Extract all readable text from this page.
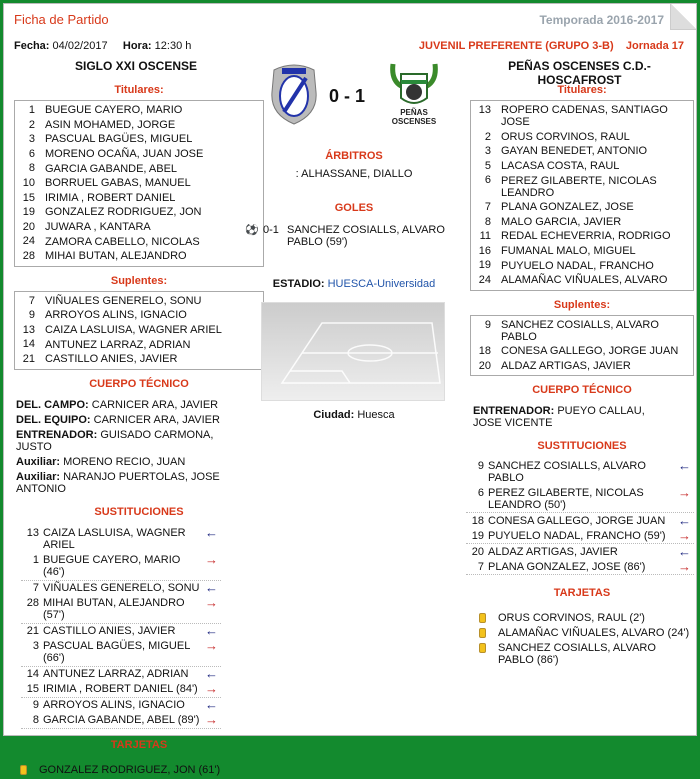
Ficha de Partido	Temporada 2016-2017
Fecha: 04/02/2017 Hora: 12:30 h	JUVENIL PREFERENTE (GRUPO 3-B) Jornada 17
SIGLO XXI OSCENSE	PEÑAS OSCENSES C.D.-HOSCAFROST
0 - 1
PEÑAS OSCENSES
Titulares:
1 BUEGUE CAYERO, MARIO
2 ASIN MOHAMED, JORGE
3 PASCUAL BAGÜES, MIGUEL
6 MORENO OCAÑA, JUAN JOSE
8 GARCIA GABANDE, ABEL
10 BORRUEL GABAS, MANUEL
15 IRIMIA , ROBERT DANIEL
19 GONZALEZ RODRIGUEZ, JON
20 JUWARA , KANTARA
24 ZAMORA CABELLO, NICOLAS
28 MIHAI BUTAN, ALEJANDRO
Suplentes:
7 VIÑUALES GENERELO, SONU
9 ARROYOS ALINS, IGNACIO
13 CAIZA LASLUISA, WAGNER ARIEL
14 ANTUNEZ LARRAZ, ADRIAN
21 CASTILLO ANIES, JAVIER
CUERPO TÉCNICO
DEL. CAMPO: CARNICER ARA, JAVIER
DEL. EQUIPO: CARNICER ARA, JAVIER
ENTRENADOR: GUISADO CARMONA, JUSTO
Auxiliar: MORENO RECIO, JUAN
Auxiliar: NARANJO PUERTOLAS, JOSE ANTONIO
SUSTITUCIONES
13 CAIZA LASLUISA, WAGNER ARIEL
←
1 BUEGUE CAYERO, MARIO (46')
→
7 VIÑUALES GENERELO, SONU ←
28 MIHAI BUTAN, ALEJANDRO (57')
→
21 CASTILLO ANIES, JAVIER	←
3 PASCUAL BAGÜES, MIGUEL (66')
→
14 ANTUNEZ LARRAZ, ADRIAN	←
15 IRIMIA , ROBERT DANIEL (84') →
9 ARROYOS ALINS, IGNACIO	←
8 GARCIA GABANDE, ABEL (89') →
TARJETAS
GONZALEZ RODRIGUEZ, JON (61')
ÁRBITROS
: ALHASSANE, DIALLO
GOLES
⚽ 0-1 SANCHEZ COSIALLS, ALVARO PABLO (59')
ESTADIO: HUESCA-Universidad
Ciudad: Huesca
Titulares:
13 ROPERO CADENAS, SANTIAGO JOSE
2 ORUS CORVINOS, RAUL
3 GAYAN BENEDET, ANTONIO
5 LACASA COSTA, RAUL
6 PEREZ GILABERTE, NICOLAS LEANDRO
7 PLANA GONZALEZ, JOSE
8 MALO GARCIA, JAVIER
11 REDAL ECHEVERRIA, RODRIGO
16 FUMANAL MALO, MIGUEL
19 PUYUELO NADAL, FRANCHO
24 ALAMAÑAC VIÑUALES, ALVARO
Suplentes:
9 SANCHEZ COSIALLS, ALVARO PABLO
18 CONESA GALLEGO, JORGE JUAN
20 ALDAZ ARTIGAS, JAVIER
CUERPO TÉCNICO
ENTRENADOR: PUEYO CALLAU, JOSE VICENTE
SUSTITUCIONES
9 SANCHEZ COSIALLS, ALVARO PABLO
←
6 PEREZ GILABERTE, NICOLAS LEANDRO (50')
→
18 CONESA GALLEGO, JORGE JUAN ←
19 PUYUELO NADAL, FRANCHO (59') →
20 ALDAZ ARTIGAS, JAVIER	←
7 PLANA GONZALEZ, JOSE (86')	→
TARJETAS
ORUS CORVINOS, RAUL (2')
ALAMAÑAC VIÑUALES, ALVARO (24')
SANCHEZ COSIALLS, ALVARO PABLO (86')
